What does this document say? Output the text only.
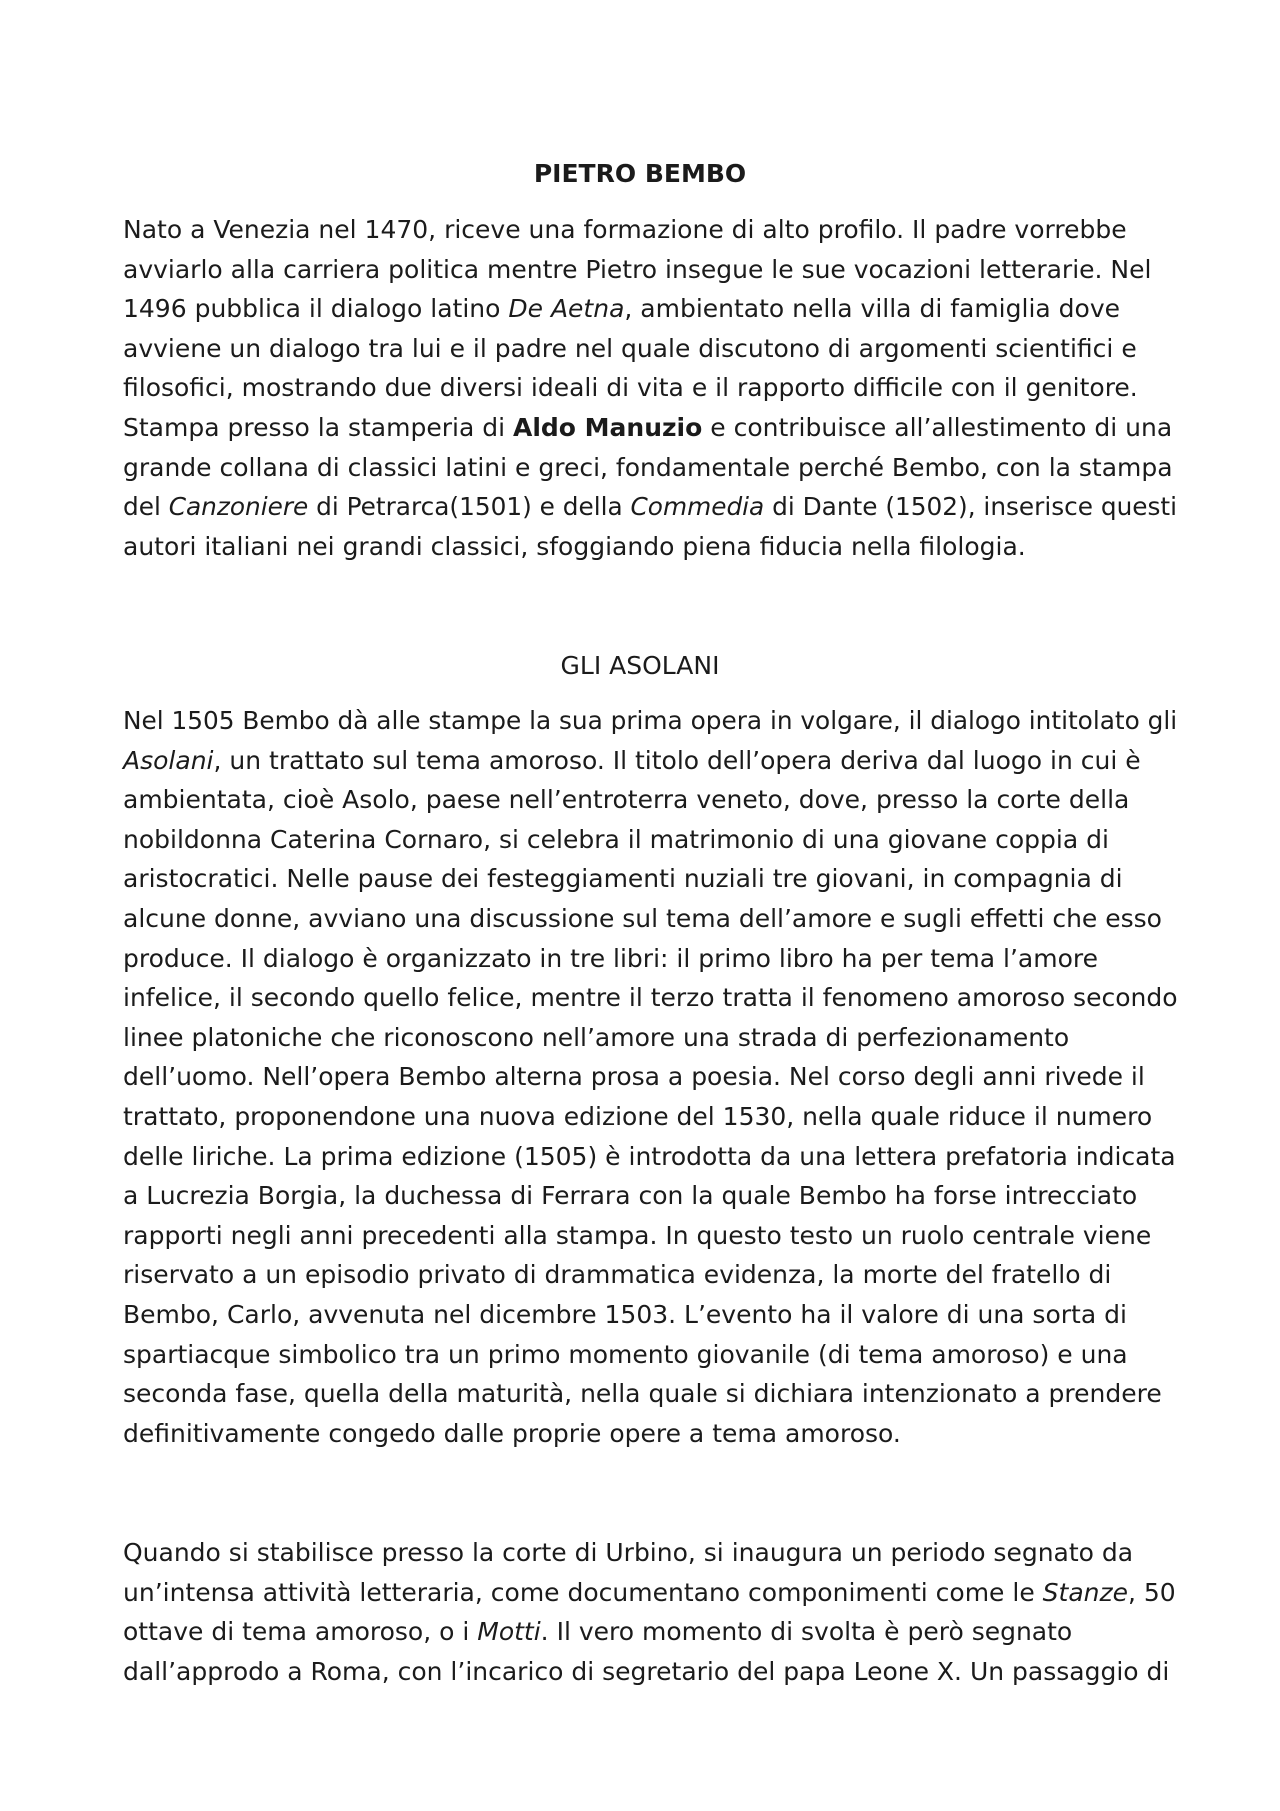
PIETRO BEMBO
Nato a Venezia nel 1470, riceve una formazione di alto profilo. Il padre vorrebbe
avviarlo alla carriera politica mentre Pietro insegue le sue vocazioni letterarie. Nel
1496 pubblica il dialogo latino De Aetna, ambientato nella villa di famiglia dove
avviene un dialogo tra lui e il padre nel quale discutono di argomenti scientifici e
filosofici, mostrando due diversi ideali di vita e il rapporto difficile con il genitore.
Stampa presso la stamperia di Aldo Manuzio e contribuisce all’allestimento di una
grande collana di classici latini e greci, fondamentale perché Bembo, con la stampa
del Canzoniere di Petrarca(1501) e della Commedia di Dante (1502), inserisce questi
autori italiani nei grandi classici, sfoggiando piena fiducia nella filologia.
GLI ASOLANI
Nel 1505 Bembo dà alle stampe la sua prima opera in volgare, il dialogo intitolato gli
Asolani, un trattato sul tema amoroso. Il titolo dell’opera deriva dal luogo in cui è
ambientata, cioè Asolo, paese nell’entroterra veneto, dove, presso la corte della
nobildonna Caterina Cornaro, si celebra il matrimonio di una giovane coppia di
aristocratici. Nelle pause dei festeggiamenti nuziali tre giovani, in compagnia di
alcune donne, avviano una discussione sul tema dell’amore e sugli effetti che esso
produce. Il dialogo è organizzato in tre libri: il primo libro ha per tema l’amore
infelice, il secondo quello felice, mentre il terzo tratta il fenomeno amoroso secondo
linee platoniche che riconoscono nell’amore una strada di perfezionamento
dell’uomo. Nell’opera Bembo alterna prosa a poesia. Nel corso degli anni rivede il
trattato, proponendone una nuova edizione del 1530, nella quale riduce il numero
delle liriche. La prima edizione (1505) è introdotta da una lettera prefatoria indicata
a Lucrezia Borgia, la duchessa di Ferrara con la quale Bembo ha forse intrecciato
rapporti negli anni precedenti alla stampa. In questo testo un ruolo centrale viene
riservato a un episodio privato di drammatica evidenza, la morte del fratello di
Bembo, Carlo, avvenuta nel dicembre 1503. L’evento ha il valore di una sorta di
spartiacque simbolico tra un primo momento giovanile (di tema amoroso) e una
seconda fase, quella della maturità, nella quale si dichiara intenzionato a prendere
definitivamente congedo dalle proprie opere a tema amoroso.
Quando si stabilisce presso la corte di Urbino, si inaugura un periodo segnato da
un’intensa attività letteraria, come documentano componimenti come le Stanze, 50
ottave di tema amoroso, o i Motti. Il vero momento di svolta è però segnato
dall’approdo a Roma, con l’incarico di segretario del papa Leone X. Un passaggio di
